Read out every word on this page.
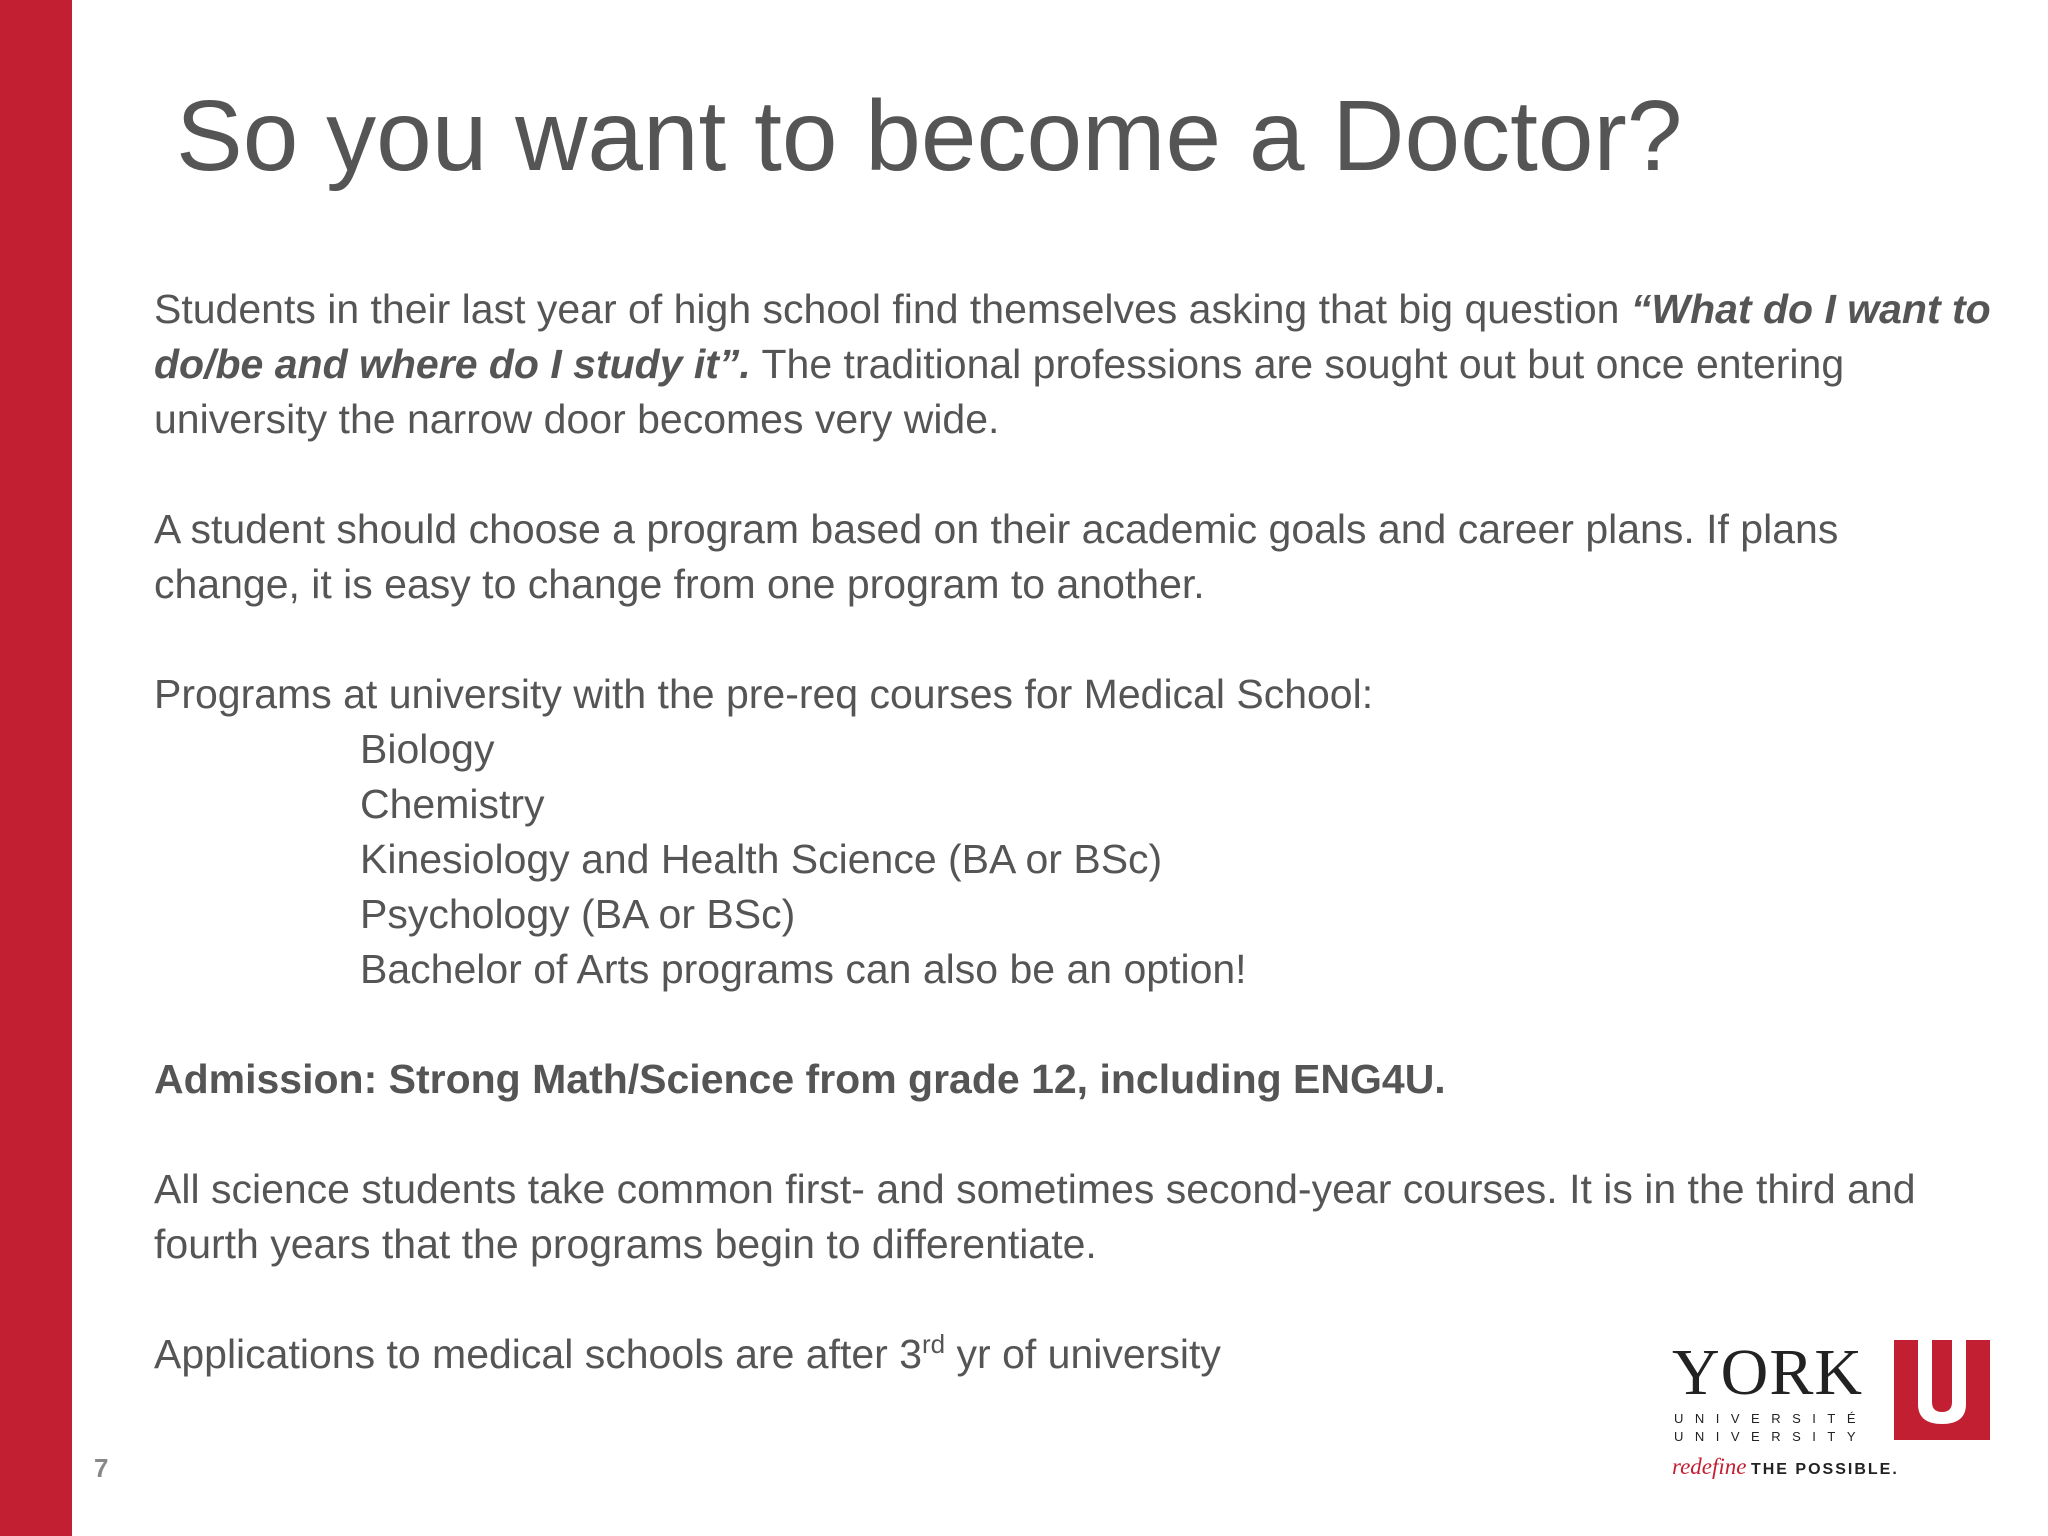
So you want to become a Doctor?

Students in their last year of high school find themselves asking that big question “What do I want to do/be and where do I study it”. The traditional professions are sought out but once entering university the narrow door becomes very wide.

A student should choose a program based on their academic goals and career plans. If plans change, it is easy to change from one program to another.

Programs at university with the pre-req courses for Medical School:

Biology
Chemistry
Kinesiology and Health Science (BA or BSc)
Psychology (BA or BSc)
Bachelor of Arts programs can also be an option!

Admission: Strong Math/Science from grade 12, including ENG4U.

All science students take common first- and sometimes second-year courses. It is in the third and fourth years that the programs begin to differentiate.

Applications to medical schools are after 3rd yr of university

7
YORK
UNIVERSITÉ
UNIVERSITY
redefine THE POSSIBLE.
